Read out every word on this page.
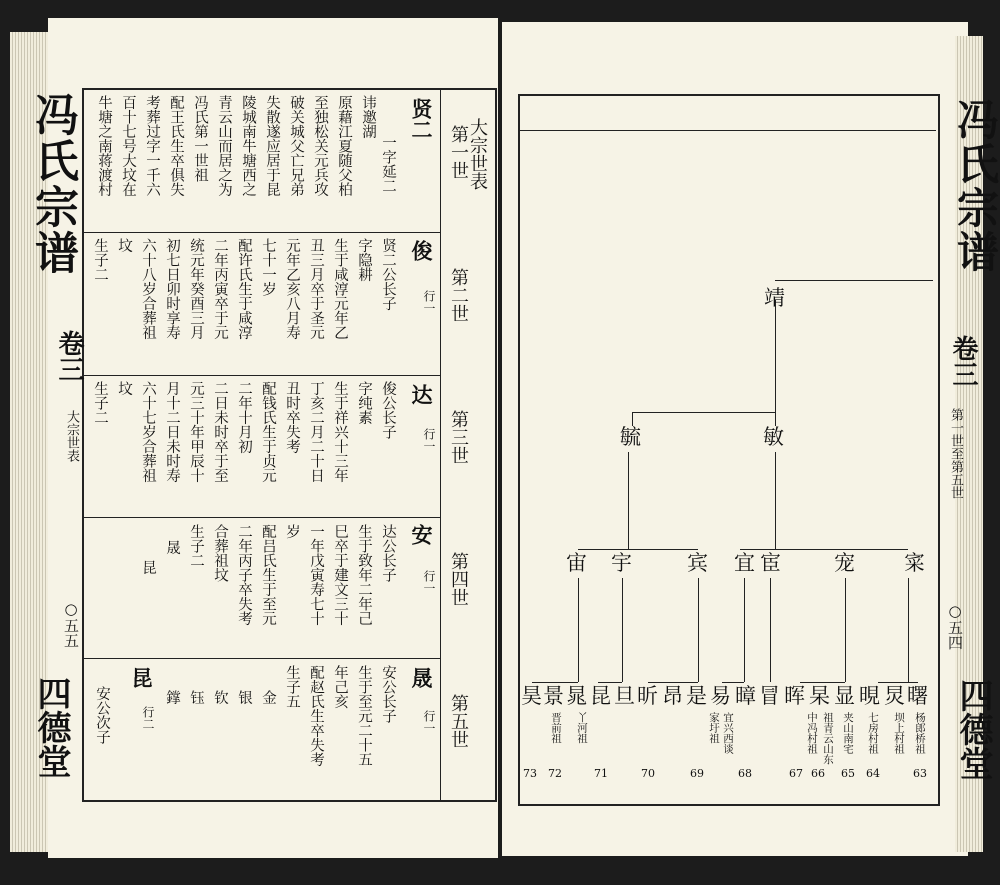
冯氏宗谱
卷三
大宗世表
○五五
四德堂
大宗世表
第一世
第二世
第三世
第四世
第五世
贤二
一字延二
讳邀湖
原藉江夏随父柏
至独松关元兵攻
破关城父亡兄弟
失散遂应居于昆
陵城南牛塘西之
青云山而居之为
冯氏第一世祖
配王氏生卒俱失
考葬过字一千六
百十七号大坟在
牛塘之南蒋渡村
俊
行一
贤二公长子
字隐耕
生于咸淳元年乙
丑三月卒于圣元
元年乙亥八月寿
七十一岁
配许氏生于咸淳
二年丙寅卒于元
统元年癸酉三月
初七日卯时享寿
六十八岁合葬祖
坟
生子二
达
行一
俊公长子
字纯素
生于祥兴十三年
丁亥二月二十日
丑时卒失考
配钱氏生于贞元
二年十月初
二日未时卒于至
元三十年甲辰十
月十二日未时寿
六十七岁合葬祖
坟
生子二
安
行一
达公长子
生于致年二年己
巳卒于建文三十
一年戊寅寿七十
岁
配吕氏生于至元
二年丙子卒失考
合葬祖坟
生子二
晟
昆
晟
行一
安公长子
生于至元二十五
年己亥
配赵氏生卒失考
生子五
金
银
钦
钰
鐣
昆
行二
安公次子
冯氏宗谱
卷三
第一世至第五世
○五四
四德堂
靖
毓	敏
寀
宠
宦
宜
宾
宇
宙
曙
炅
晛
显
杲
晖
冒
暲
易
是
昂
昕
旦
昆
晁
景
昊
杨郎桥祖
坝上村祖
七房村祖
夹山南宅
祖青云山东
中冯村祖
宜兴西谈
家圩祖
丫河祖
晋前祖
63
64
65
66
67
68
69
70
71
72
73
